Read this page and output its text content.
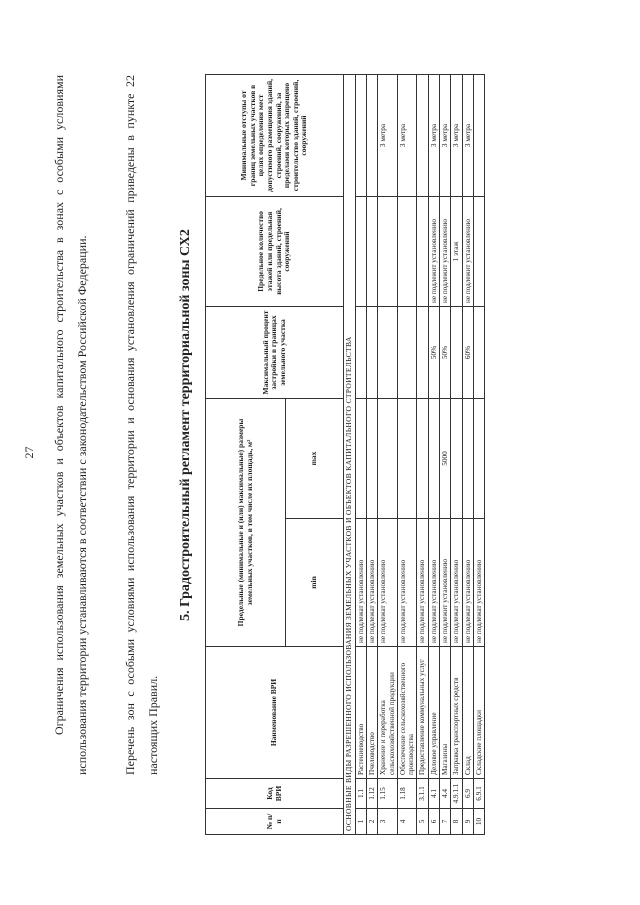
27	Ограничения использования земельных участков и объектов капитального строительства в зонах с особыми условиями использования территории устанавливаются в соответствии с законодательством Российской Федерации.	Перечень зон с особыми условиями использования территории и основания установления ограничений приведены в пункте 22 настоящих Правил.
5. Градостроительный регламент территориальной зоны СХ2
№ п/п	Код ВРИ	Наименование ВРИ	Предельные (минимальные и (или) максимальные) размеры земельных участков, в том числе их площадь, м²		Максимальный процент застройки в границах земельного участка	Предельное количество этажей или предельная высота зданий, строений, сооружений	Минимальные отступы от границ земельных участков в целях определения мест допустимого размещения зданий, строений, сооружений, за пределами которых запрещено строительство зданий, строений, сооружений
			min	max			
ОСНОВНЫЕ ВИДЫ РАЗРЕШЕННОГО ИСПОЛЬЗОВАНИЯ ЗЕМЕЛЬНЫХ УЧАСТКОВ И ОБЪЕКТОВ КАПИТАЛЬНОГО СТРОИТЕЛЬСТВА							
1	1.1	Растениеводство	не подлежат установлению				
2	1.12	Пчеловодство	не подлежат установлению				
3	1.15	Хранение и переработка сельскохозяйственной продукции	не подлежат установлению				3 метра
4	1.18	Обеспечение сельскохозяйственного производства	не подлежат установлению				3 метра
5	3.1.1	Предоставление коммунальных услуг	не подлежат установлению				
6	4.1	Деловое управление	не подлежат установлению		50%	не подлежит установлению	3 метра
7	4.4	Магазины	не подлежит установлению	5000	50%	не подлежит установлению	3 метра
8	4.9.1.1	Заправка транспортных средств	не подлежат установлению			1 этаж	3 метра
9	6.9	Склад	не подлежат установлению		60%	не подлежит установлению	3 метра
10	6.9.1	Складские площадки	не подлежат установлению				
